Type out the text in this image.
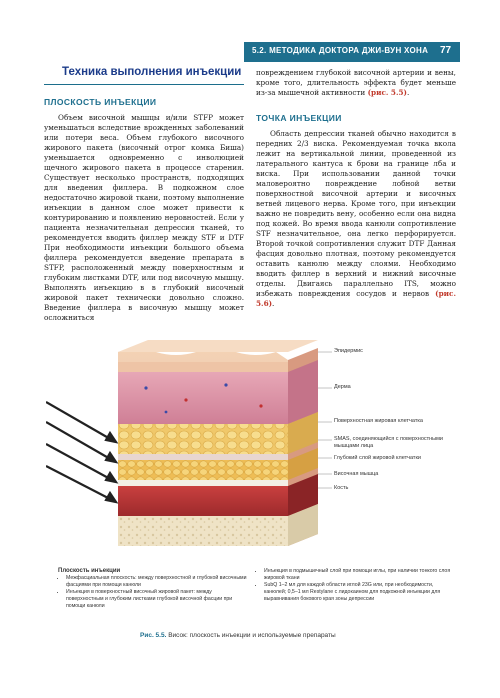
5.2. МЕТОДИКА ДОКТОРА ДЖИ-ВУН ХОНА 77
Техника выполнения инъекции
ПЛОСКОСТЬ ИНЪЕКЦИИ

Объем височной мышцы и/или STFP может уменьшаться вследствие врожденных заболеваний или потери веса. Объем глубокого височного жирового пакета (височный отрог комка Биша) уменьшается одновременно с инволюцией щечного жирового пакета в процессе старения. Существует несколько пространств, подходящих для введения филлера. В подкожном слое недостаточно жировой ткани, поэтому выполнение инъекции в данном слое может привести к контурированию и появлению неровностей. Если у пациента незначительная депрессия тканей, то рекомендуется вводить филлер между STF и DTF При необходимости инъекции большого объема филлера рекомендуется введение препарата в STFP, расположенный между поверхностным и глубоким листками DTF, или под височную мышцу. Выполнять инъекцию в в глубокий височный жировой пакет технически довольно сложно. Введение филлера в височную мышцу может осложниться

повреждением глубокой височной артерии и вены, кроме того, длительность эффекта будет меньше из-за мышечной активности (рис. 5.5).

ТОЧКА ИНЪЕКЦИИ

Область депрессии тканей обычно находится в передних 2/3 виска. Рекомендуемая точка вкола лежит на вертикальной линии, проведенной из латерального кантуса к брови на границе лба и виска. При использовании данной точки маловероятно повреждение лобной ветви поверхностной височной артерии и височных ветвей лицевого нерва. Кроме того, при инъекции важно не повредить вену, особенно если она видна под кожей. Во время ввода канюли сопротивление STF незначительное, она легко перфорируется. Второй точкой сопротивления служит DTF Данная фасция довольно плотная, поэтому рекомендуется оставить канюлю между слоями. Необходимо вводить филлер в верхний и нижний височные отделы. Двигаясь параллельно ITS, можно избежать повреждения сосудов и нервов (рис. 5.6).

Эпидермис
Дерма
Поверхностная жировая клетчатка
SMAS, соединяющийся с поверхностными мышцами лица
Глубокий слой жировой клетчатки
Височная мышца
Кость
Плоскость инъекции
• Межфасциальная плоскость: между поверхностной и глубокой височными фасциями при помощи канюли
• Инъекция в поверхностный височный жировой пакет: между поверхностным и глубоким листками глубокой височной фасции при помощи канюли
• Инъекция в подмышечный слой при помощи иглы, при наличии тонкого слоя жировой ткани
• SubQ 1–2 мл для каждой области иглой 23G или, при необходимости, канюлей; 0,5–1 мл Restylane с лидокаином для подкожной инъекции для выравнивания бокового края зоны депрессии
Рис. 5.5. Висок: плоскость инъекции и используемые препараты
